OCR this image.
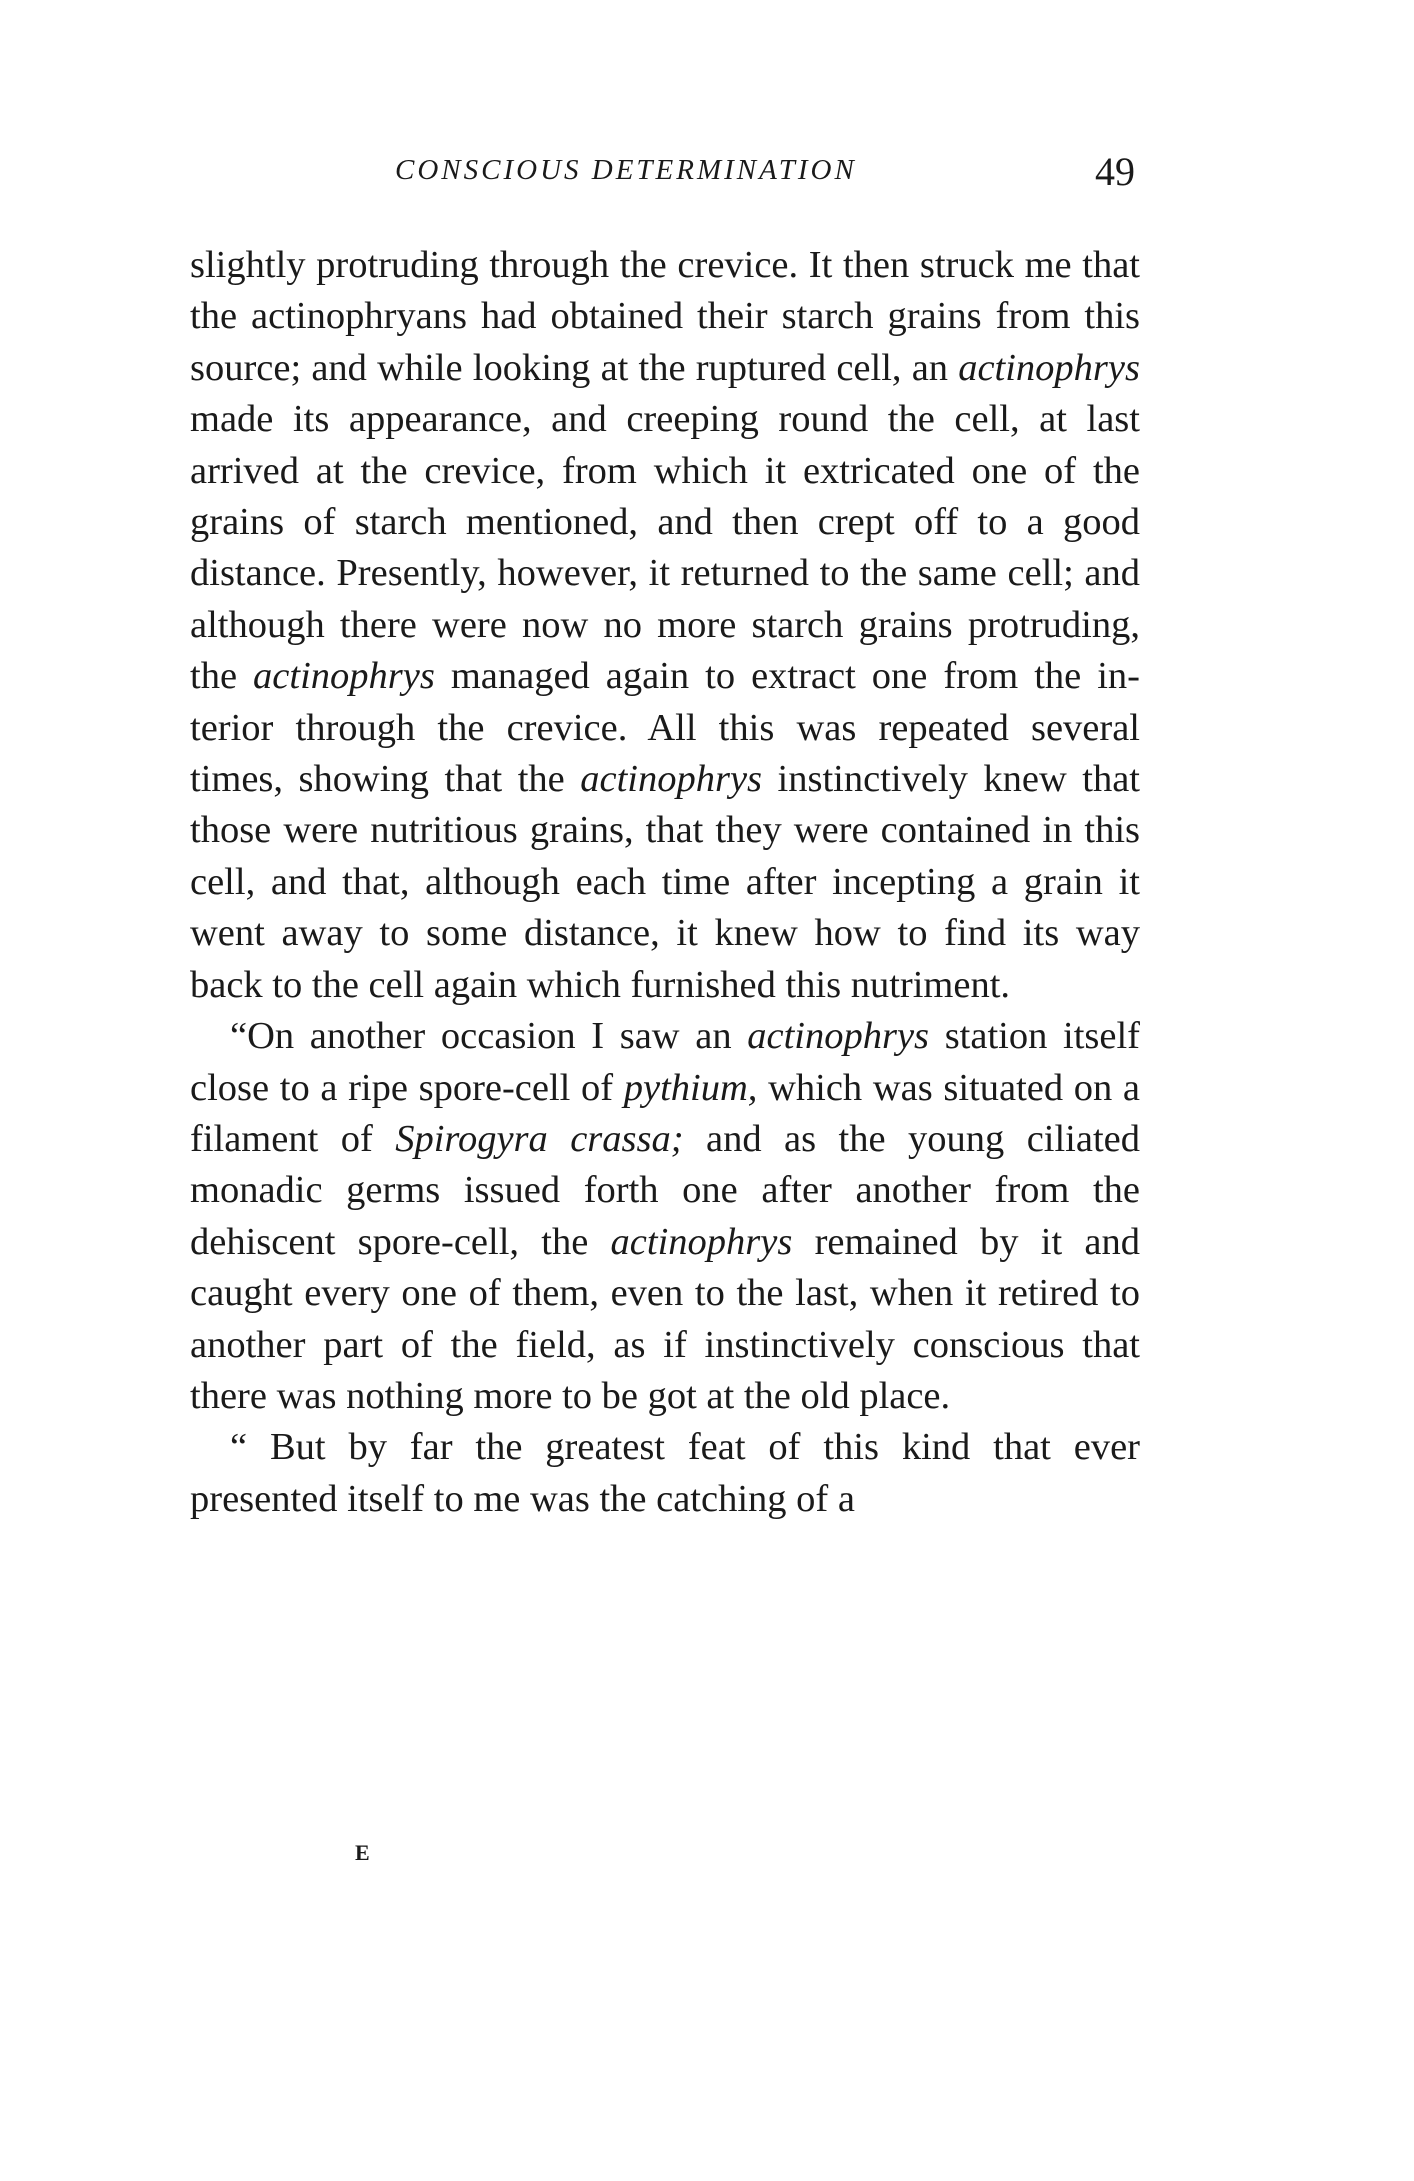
CONSCIOUS DETERMINATION	49

slightly protruding through the crevice. It then struck me that the actinophryans had obtained their starch grains from this source; and while looking at the ruptured cell, an actinophrys made its appearance, and creeping round the cell, at last arrived at the crevice, from which it extricated one of the grains of starch mentioned, and then crept off to a good distance. Presently, however, it returned to the same cell; and although there were now no more starch grains protruding, the actinophrys managed again to extract one from the interior through the crevice. All this was repeated several times, showing that the actinophrys instinctively knew that those were nutritious grains, that they were contained in this cell, and that, although each time after incepting a grain it went away to some distance, it knew how to find its way back to the cell again which furnished this nutriment.

“On another occasion I saw an actinophrys station itself close to a ripe spore-cell of pythium, which was situated on a filament of Spirogyra crassa; and as the young ciliated monadic germs issued forth one after another from the dehiscent spore-cell, the actinophrys remained by it and caught every one of them, even to the last, when it retired to another part of the field, as if instinctively conscious that there was nothing more to be got at the old place.

“ But by far the greatest feat of this kind that ever presented itself to me was the catching of a

E
